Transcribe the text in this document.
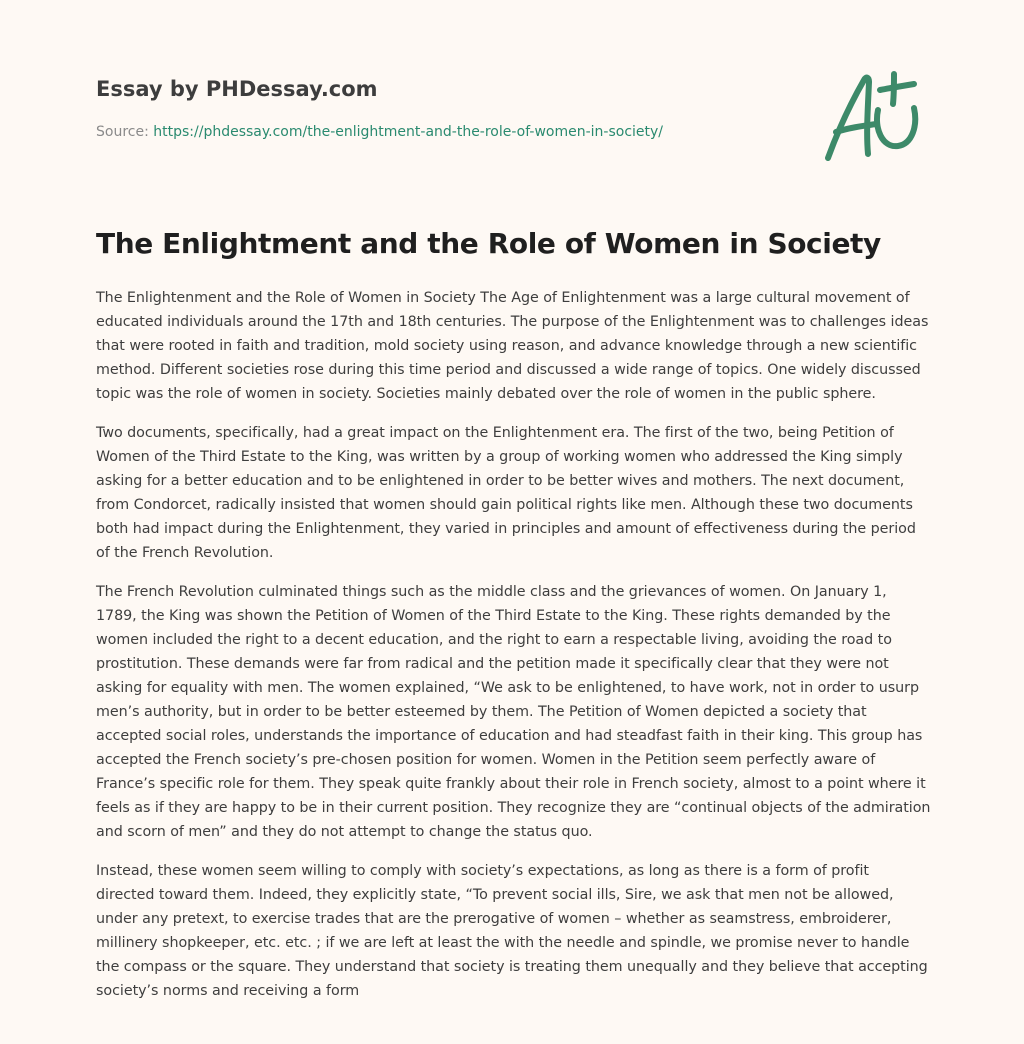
Essay by PHDessay.com
Source: https://phdessay.com/the-enlightment-and-the-role-of-women-in-society/
The Enlightment and the Role of Women in Society

The Enlightenment and the Role of Women in Society The Age of Enlightenment was a large cultural movement of educated individuals around the 17th and 18th centuries. The purpose of the Enlightenment was to challenges ideas that were rooted in faith and tradition, mold society using reason, and advance knowledge through a new scientific method. Different societies rose during this time period and discussed a wide range of topics. One widely discussed topic was the role of women in society. Societies mainly debated over the role of women in the public sphere.

Two documents, specifically, had a great impact on the Enlightenment era. The first of the two, being Petition of Women of the Third Estate to the King, was written by a group of working women who addressed the King simply asking for a better education and to be enlightened in order to be better wives and mothers. The next document, from Condorcet, radically insisted that women should gain political rights like men. Although these two documents both had impact during the Enlightenment, they varied in principles and amount of effectiveness during the period of the French Revolution.

The French Revolution culminated things such as the middle class and the grievances of women. On January 1, 1789, the King was shown the Petition of Women of the Third Estate to the King. These rights demanded by the women included the right to a decent education, and the right to earn a respectable living, avoiding the road to prostitution. These demands were far from radical and the petition made it specifically clear that they were not asking for equality with men. The women explained, “We ask to be enlightened, to have work, not in order to usurp men’s authority, but in order to be better esteemed by them. The Petition of Women depicted a society that accepted social roles, understands the importance of education and had steadfast faith in their king. This group has accepted the French society’s pre-chosen position for women. Women in the Petition seem perfectly aware of France’s specific role for them. They speak quite frankly about their role in French society, almost to a point where it feels as if they are happy to be in their current position. They recognize they are “continual objects of the admiration and scorn of men” and they do not attempt to change the status quo.

Instead, these women seem willing to comply with society’s expectations, as long as there is a form of profit directed toward them. Indeed, they explicitly state, “To prevent social ills, Sire, we ask that men not be allowed, under any pretext, to exercise trades that are the prerogative of women – whether as seamstress, embroiderer, millinery shopkeeper, etc. etc. ; if we are left at least the with the needle and spindle, we promise never to handle the compass or the square. They understand that society is treating them unequally and they believe that accepting society’s norms and receiving a form
